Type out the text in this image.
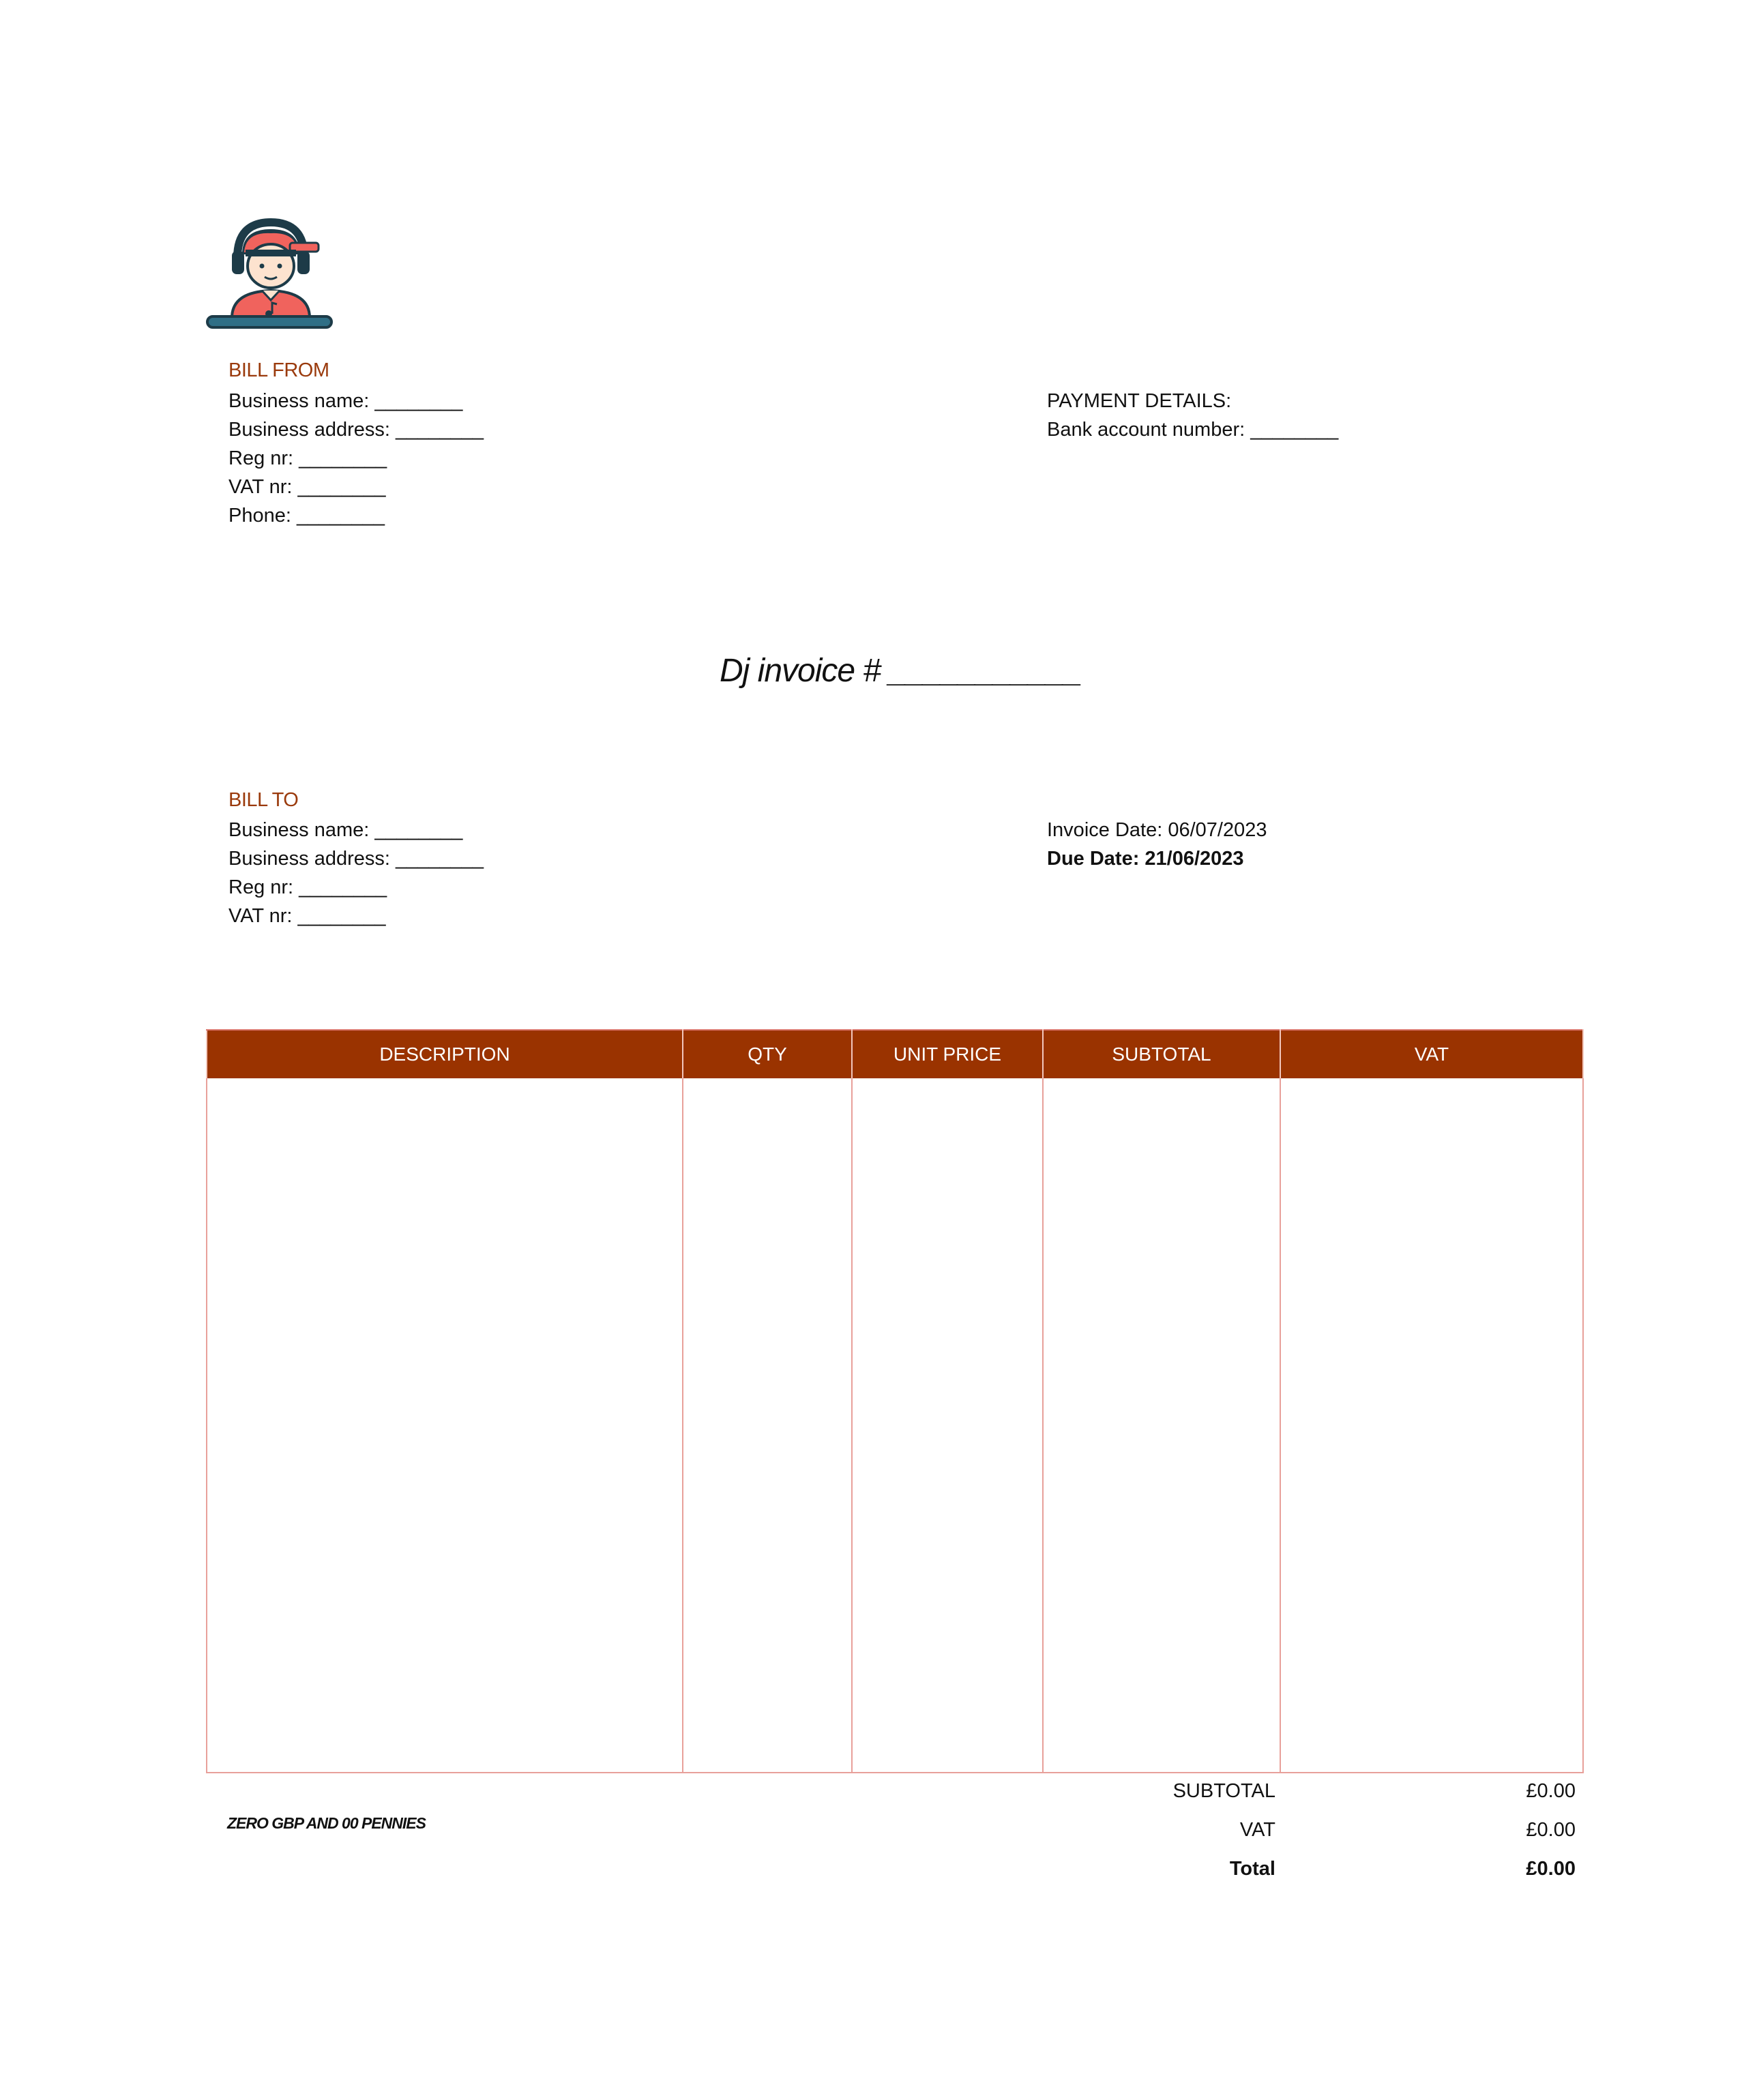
BILL FROM
Business name: ________
Business address: ________
Reg nr: ________
VAT nr: ________
Phone: ________
PAYMENT DETAILS:
Bank account number: ________
Dj invoice # ___________
BILL TO
Business name: ________
Business address: ________
Reg nr: ________
VAT nr: ________
Invoice Date: 06/07/2023
Due Date: 21/06/2023
DESCRIPTION	QTY	UNIT PRICE	SUBTOTAL	VAT

ZERO GBP AND 00 PENNIES
SUBTOTAL	£0.00
VAT	£0.00
Total	£0.00
